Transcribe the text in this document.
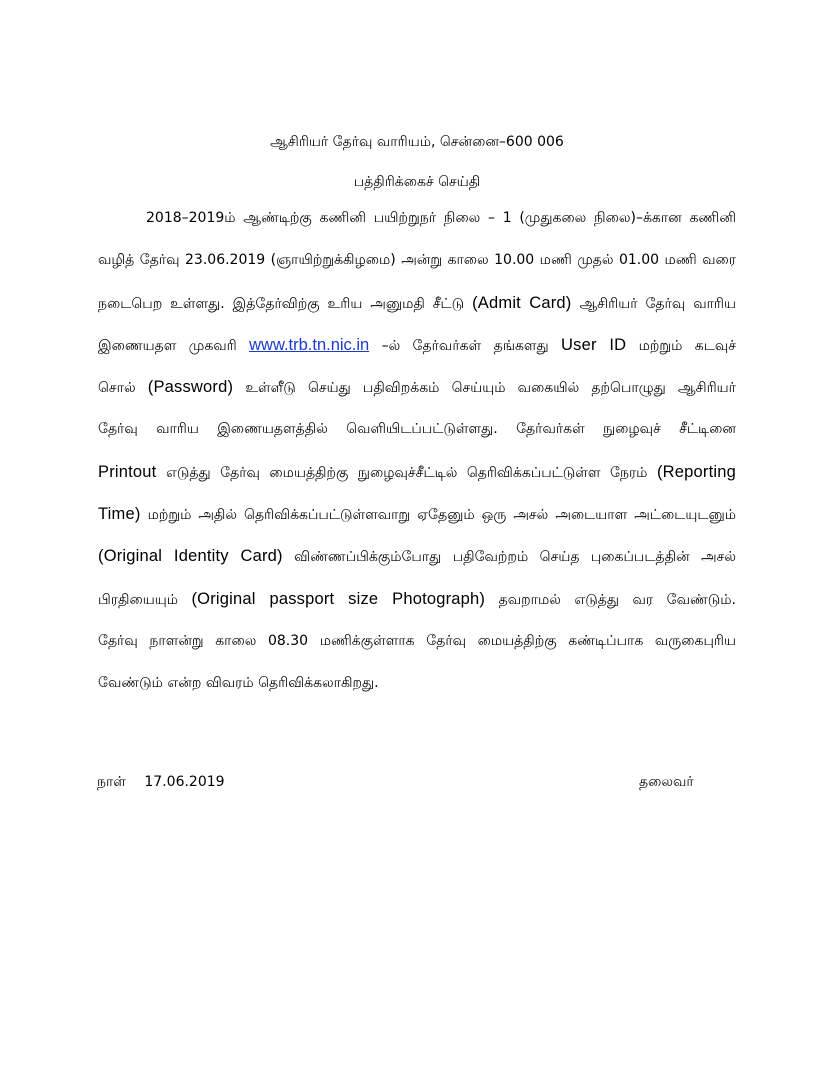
ஆசிரியர் தேர்வு வாரியம், சென்னை–600 006
பத்திரிக்கைச் செய்தி
2018–2019ம் ஆண்டிற்கு கணினி பயிற்றுநர் நிலை – 1 (முதுகலை நிலை)–க்கான கணினி
வழித் தேர்வு 23.06.2019 (ஞாயிற்றுக்கிழமை) அன்று காலை 10.00 மணி முதல் 01.00 மணி வரை
நடைபெற உள்ளது. இத்தேர்விற்கு உரிய அனுமதி சீட்டு (Admit Card) ஆசிரியர் தேர்வு வாரிய
இணையதள முகவரி www.trb.tn.nic.in –ல் தேர்வர்கள் தங்களது User ID மற்றும் கடவுச்
சொல் (Password) உள்ளீடு செய்து பதிவிறக்கம் செய்யும் வகையில் தற்பொழுது ஆசிரியர்
தேர்வு வாரிய இணையதளத்தில் வெளியிடப்பட்டுள்ளது. தேர்வர்கள் நுழைவுச் சீட்டினை
Printout எடுத்து தேர்வு மையத்திற்கு நுழைவுச்சீட்டில் தெரிவிக்கப்பட்டுள்ள நேரம் (Reporting
Time) மற்றும் அதில் தெரிவிக்கப்பட்டுள்ளவாறு ஏதேனும் ஒரு அசல் அடையாள அட்டையுடனும்
(Original Identity Card) விண்ணப்பிக்கும்போது பதிவேற்றம் செய்த புகைப்படத்தின் அசல்
பிரதியையும் (Original passport size Photograph) தவறாமல் எடுத்து வர வேண்டும்.
தேர்வு நாளன்று காலை 08.30 மணிக்குள்ளாக தேர்வு மையத்திற்கு கண்டிப்பாக வருகைபுரிய
வேண்டும் என்ற விவரம் தெரிவிக்கலாகிறது.
நாள் 17.06.2019	தலைவர்
